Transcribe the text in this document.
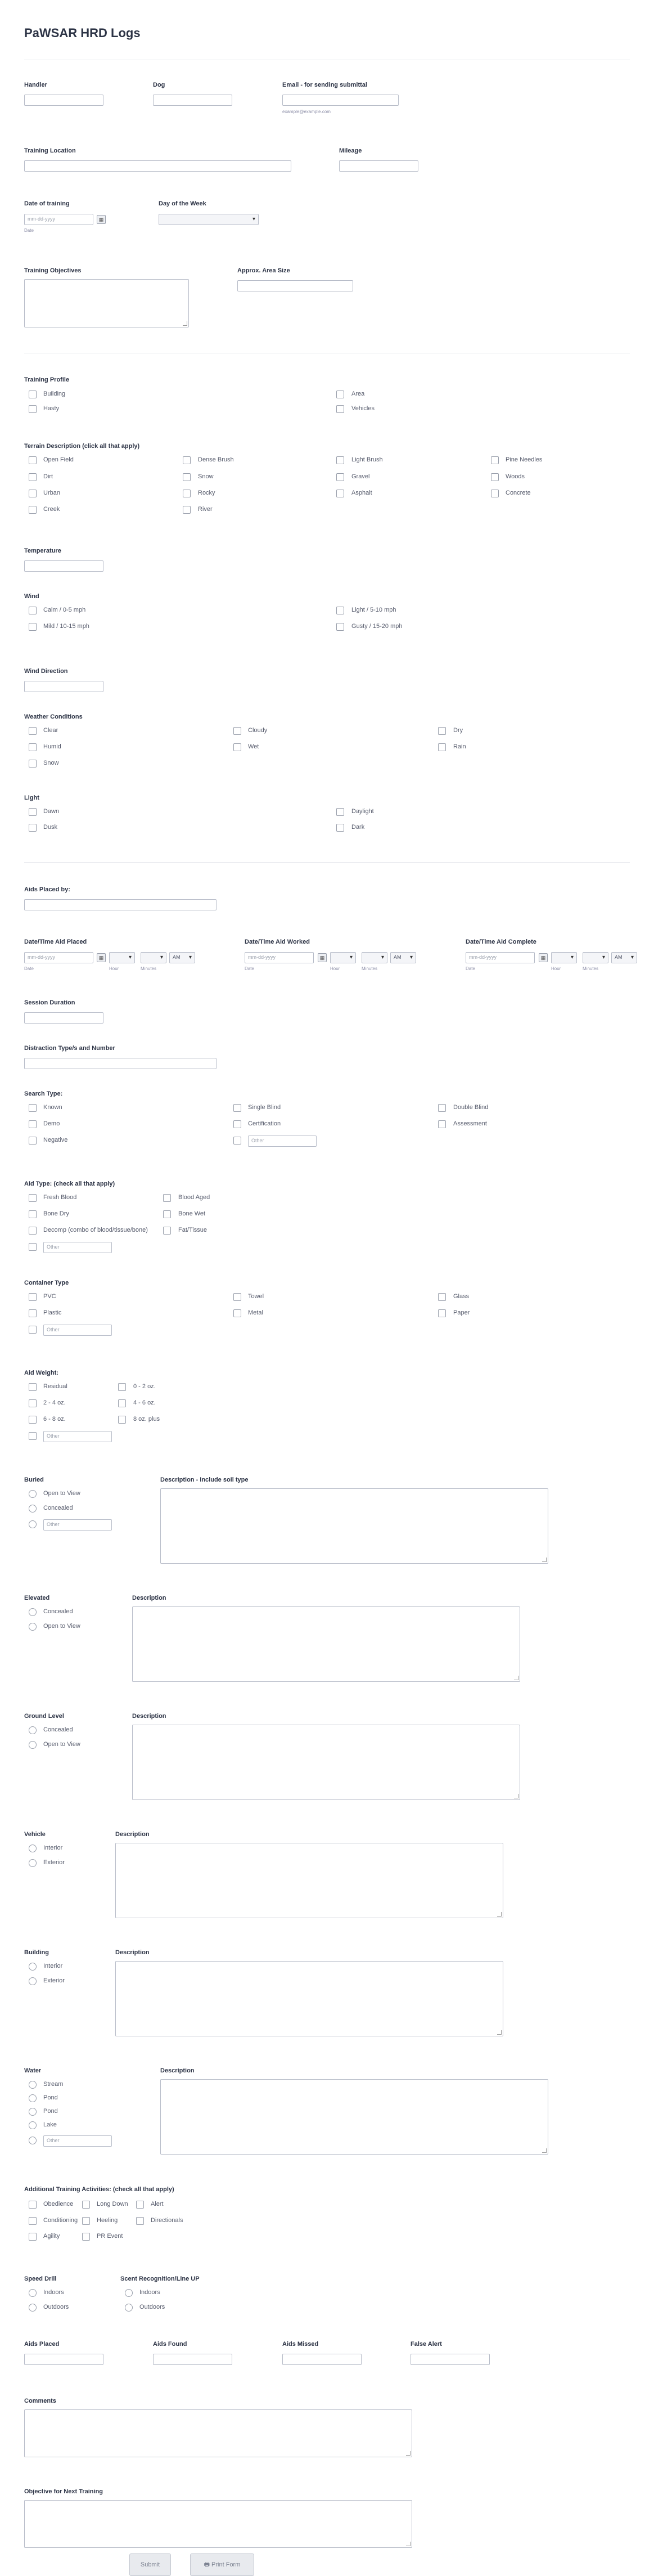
PaWSAR HRD Logs
Handler	Dog	Email - for sending submittal
example@example.com
Training Location	Mileage
Date of training
mm-dd-yyyy	▦
Date
Day of the Week
▾
Training Objectives	Approx. Area Size
Training Profile
Building	Area
Hasty	Vehicles
Terrain Description (click all that apply)
Open Field	Dense Brush	Light Brush	Pine Needles
Dirt	Snow	Gravel	Woods
Urban	Rocky	Asphalt	Concrete
Creek	River
Temperature
Wind
Calm / 0-5 mph	Light / 5-10 mph
Mild / 10-15 mph	Gusty / 15-20 mph
Wind Direction
Weather Conditions
Clear	Cloudy	Dry
Humid	Wet	Rain
Snow
Light
Dawn	Daylight
Dusk	Dark
Aids Placed by:
Date/Time Aid Placed
mm-dd-yyyy	▦ ▾ ▾	AM ▾
Date	Hour	Minutes
Date/Time Aid Worked
mm-dd-yyyy	▦ ▾ ▾	AM ▾
Date	Hour	Minutes
Date/Time Aid Complete
mm-dd-yyyy	▦ ▾ ▾	AM ▾
Date	Hour	Minutes
Session Duration
Distraction Type/s and Number
Search Type:
Known	Single Blind	Double Blind
Demo	Certification	Assessment
Negative	Other
Aid Type: (check all that apply)
Fresh Blood	Blood Aged
Bone Dry	Bone Wet
Decomp (combo of blood/tissue/bone)	Fat/Tissue
Other
Container Type
PVC	Towel	Glass
Plastic	Metal	Paper
Other
Aid Weight:
Residual	0 - 2 oz.
2 - 4 oz.	4 - 6 oz.
6 - 8 oz.	8 oz. plus
Other
Buried
Open to View
Concealed
Other
Description - include soil type
Elevated
Concealed
Open to View
Description
Ground Level
Concealed
Open to View
Description
Vehicle
Interior
Exterior
Description
Building
Interior
Exterior
Description
Water
Stream
Pond
Pond
Lake
Other
Description
Additional Training Activities: (check all that apply)
Obedience	Long Down	Alert
Conditioning	Heeling	Directionals
Agility	PR Event
Speed Drill
Indoors
Outdoors
Scent Recognition/Line UP
Indoors
Outdoors
Aids Placed	Aids Found	Aids Missed	False Alert
Comments
Objective for Next Training
Submit	🖶 Print Form
